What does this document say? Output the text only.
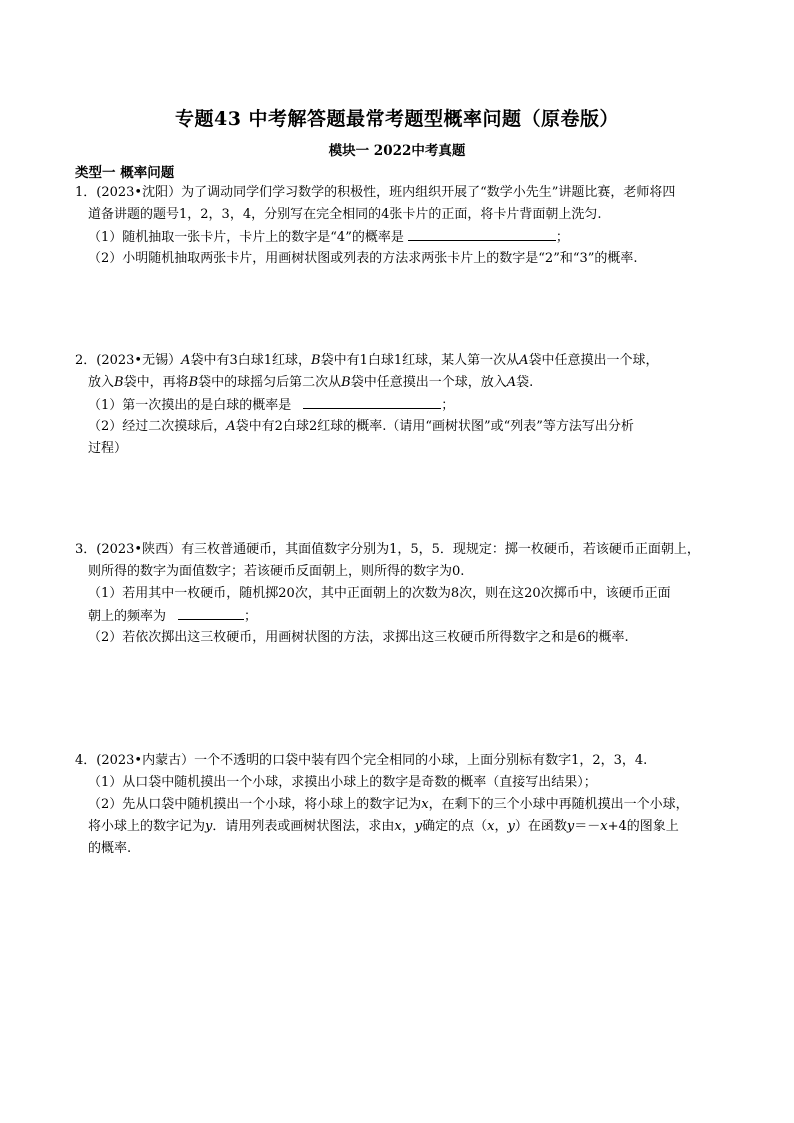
专题43 中考解答题最常考题型概率问题（原卷版）
模块一 2022中考真题
类型一 概率问题
1．(2023•沈阳）为了调动同学们学习数学的积极性，班内组织开展了“数学小先生”讲题比赛，老师将四
道备讲题的题号1，2，3，4，分别写在完全相同的4张卡片的正面，将卡片背面朝上洗匀.
（1）随机抽取一张卡片，卡片上的数字是“4”的概率是	；
（2）小明随机抽取两张卡片，用画树状图或列表的方法求两张卡片上的数字是“2”和“3”的概率.
2．(2023•无锡）A袋中有3白球1红球，B袋中有1白球1红球，某人第一次从A袋中任意摸出一个球，
放入B袋中，再将B袋中的球摇匀后第二次从B袋中任意摸出一个球，放入A袋.
（1）第一次摸出的是白球的概率是	；
（2）经过二次摸球后，A袋中有2白球2红球的概率.（请用“画树状图”或“列表”等方法写出分析
过程）
3．(2023•陕西）有三枚普通硬币，其面值数字分别为1，5，5．现规定：掷一枚硬币，若该硬币正面朝上，
则所得的数字为面值数字；若该硬币反面朝上，则所得的数字为0.
（1）若用其中一枚硬币，随机掷20次，其中正面朝上的次数为8次，则在这20次掷币中，该硬币正面
朝上的频率为	；
（2）若依次掷出这三枚硬币，用画树状图的方法，求掷出这三枚硬币所得数字之和是6的概率.
4．(2023•内蒙古）一个不透明的口袋中装有四个完全相同的小球，上面分别标有数字1，2，3，4.
（1）从口袋中随机摸出一个小球，求摸出小球上的数字是奇数的概率（直接写出结果）；
（2）先从口袋中随机摸出一个小球，将小球上的数字记为x，在剩下的三个小球中再随机摸出一个小球，
将小球上的数字记为y．请用列表或画树状图法，求由x，y确定的点（x，y）在函数y＝－x+4的图象上
的概率.
